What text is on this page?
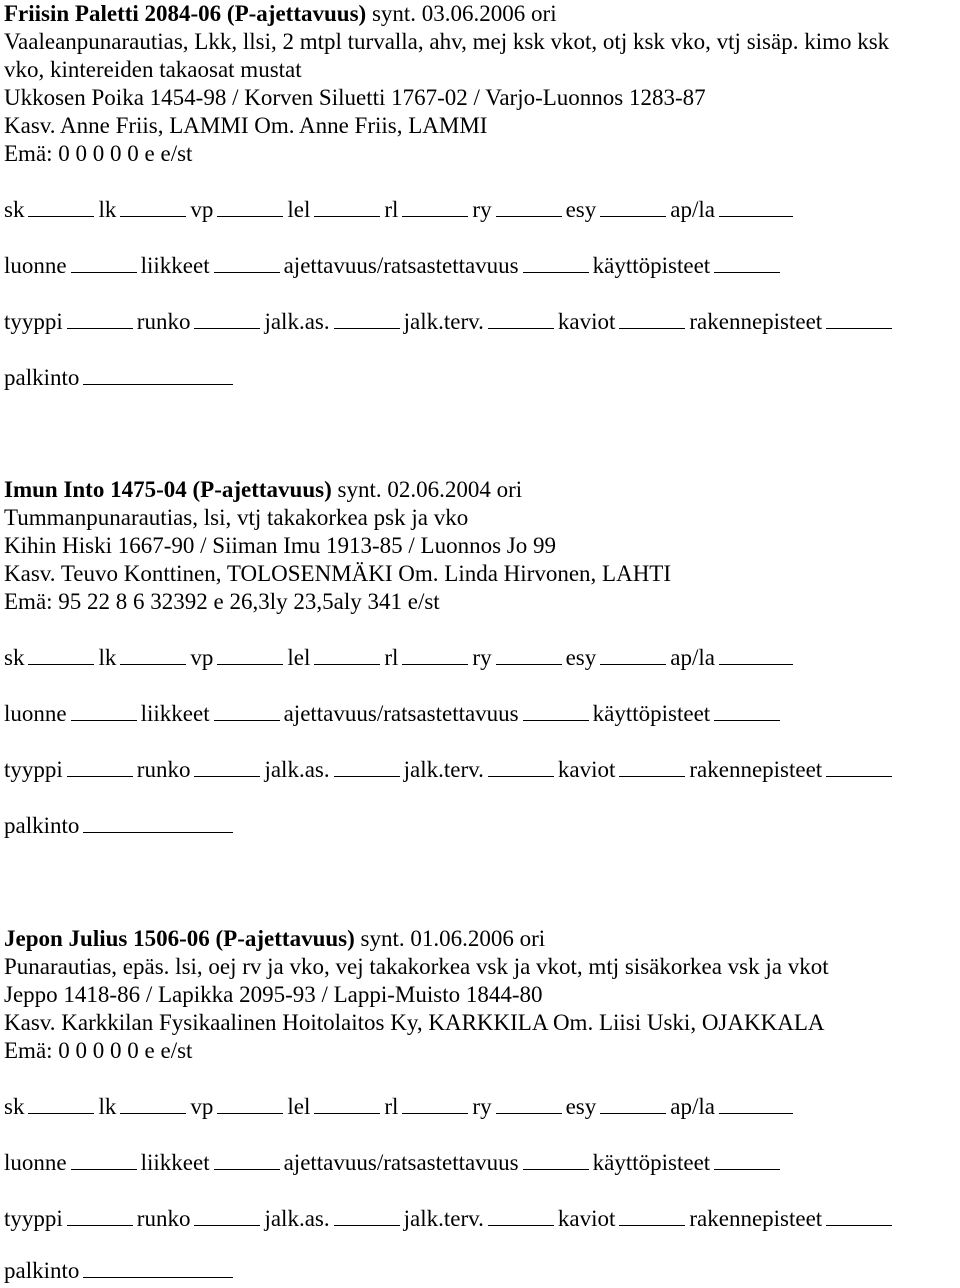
Friisin Paletti 2084-06 (P-ajettavuus) synt. 03.06.2006 ori
Vaaleanpunarautias, Lkk, llsi, 2 mtpl turvalla, ahv, mej ksk vkot, otj ksk vko, vtj sisäp. kimo ksk
vko, kintereiden takaosat mustat
Ukkosen Poika 1454-98 / Korven Siluetti 1767-02 / Varjo-Luonnos 1283-87
Kasv. Anne Friis, LAMMI Om. Anne Friis, LAMMI
Emä: 0 0 0 0 0 e e/st
sk	lk	vp	lel	rl	ry	esy	ap/la
luonne	liikkeet	ajettavuus/ratsastettavuus	käyttöpisteet
tyyppi	runko	jalk.as.	jalk.terv.	kaviot	rakennepisteet
palkinto
Imun Into 1475-04 (P-ajettavuus) synt. 02.06.2004 ori
Tummanpunarautias, lsi, vtj takakorkea psk ja vko
Kihin Hiski 1667-90 / Siiman Imu 1913-85 / Luonnos Jo 99
Kasv. Teuvo Konttinen, TOLOSENMÄKI Om. Linda Hirvonen, LAHTI
Emä: 95 22 8 6 32392 e 26,3ly 23,5aly 341 e/st
sk	lk	vp	lel	rl	ry	esy	ap/la
luonne	liikkeet	ajettavuus/ratsastettavuus	käyttöpisteet
tyyppi	runko	jalk.as.	jalk.terv.	kaviot	rakennepisteet
palkinto
Jepon Julius 1506-06 (P-ajettavuus) synt. 01.06.2006 ori
Punarautias, epäs. lsi, oej rv ja vko, vej takakorkea vsk ja vkot, mtj sisäkorkea vsk ja vkot
Jeppo 1418-86 / Lapikka 2095-93 / Lappi-Muisto 1844-80
Kasv. Karkkilan Fysikaalinen Hoitolaitos Ky, KARKKILA Om. Liisi Uski, OJAKKALA
Emä: 0 0 0 0 0 e e/st
sk	lk	vp	lel	rl	ry	esy	ap/la
luonne	liikkeet	ajettavuus/ratsastettavuus	käyttöpisteet
tyyppi	runko	jalk.as.	jalk.terv.	kaviot	rakennepisteet
palkinto
